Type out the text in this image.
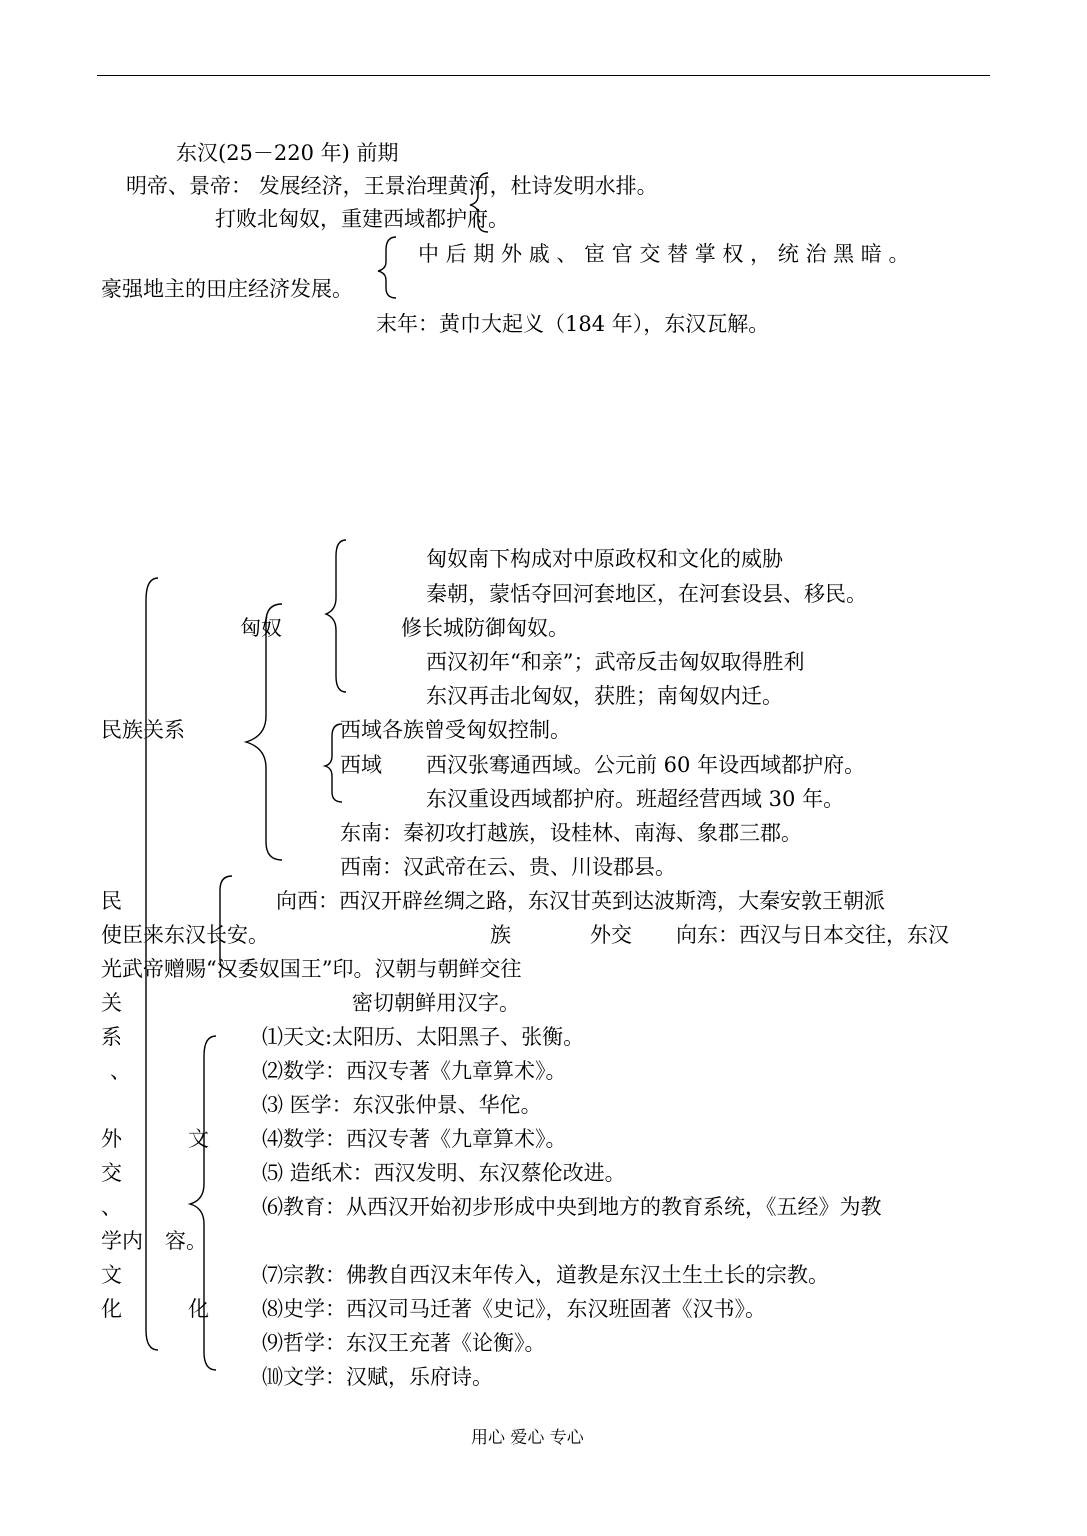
东汉(25－220 年) 前期
明帝、景帝： 发展经济，王景治理黄河，杜诗发明水排。
打败北匈奴，重建西域都护府。
中 后 期 外 戚 、 宦 官 交 替 掌 权 ， 统 治 黑 暗 。
豪强地主的田庄经济发展。
末年：黄巾大起义（184 年），东汉瓦解。
匈奴南下构成对中原政权和文化的威胁
秦朝，蒙恬夺回河套地区，在河套设县、移民。
匈奴	修长城防御匈奴。
西汉初年“和亲”；武帝反击匈奴取得胜利
东汉再击北匈奴，获胜；南匈奴内迁。
民族关系	西域各族曾受匈奴控制。
西域 西汉张骞通西域。公元前 60 年设西域都护府。
东汉重设西域都护府。班超经营西域 30 年。
东南：秦初攻打越族，设桂林、南海、象郡三郡。
西南：汉武帝在云、贵、川设郡县。
民	向西：西汉开辟丝绸之路，东汉甘英到达波斯湾，大秦安敦王朝派
使臣来东汉长安。	族	外交 向东：西汉与日本交往，东汉
光武帝赠赐“汉委奴国王”印。汉朝与朝鲜交往
关	密切朝鲜用汉字。
系
、
外	文
交
、
学内 容。
文
化	化
⑴天文:太阳历、太阳黑子、张衡。
⑵数学：西汉专著《九章算术》。
⑶ 医学：东汉张仲景、华佗。
⑷数学：西汉专著《九章算术》。
⑸ 造纸术：西汉发明、东汉蔡伦改进。
⑹教育：从西汉开始初步形成中央到地方的教育系统，《五经》为教
⑺宗教：佛教自西汉末年传入，道教是东汉土生土长的宗教。
⑻史学：西汉司马迁著《史记》，东汉班固著《汉书》。
⑼哲学：东汉王充著《论衡》。
⑽文学：汉赋，乐府诗。
用心 爱心 专心
